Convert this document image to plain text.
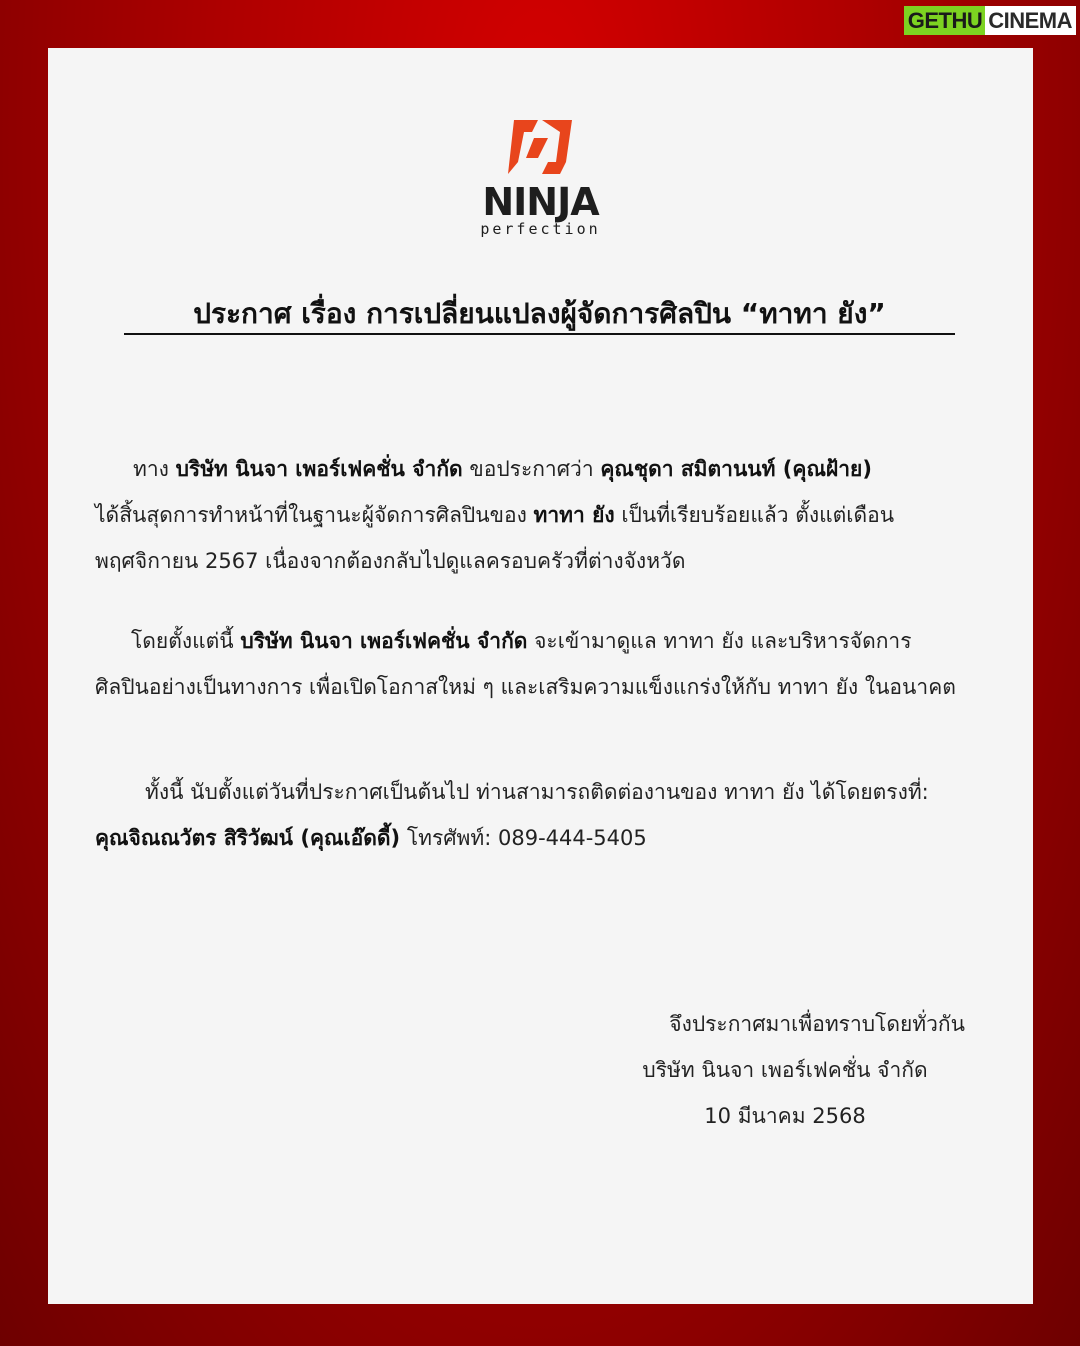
GETHU CINEMA
NINJA
perfection
ประกาศ เรื่อง การเปลี่ยนแปลงผู้จัดการศิลปิน “ทาทา ยัง”
ทาง บริษัท นินจา เพอร์เฟคชั่น จำกัด ขอประกาศว่า คุณชุดา สมิตานนท์ (คุณฝ้าย)
ได้สิ้นสุดการทำหน้าที่ในฐานะผู้จัดการศิลปินของ ทาทา ยัง เป็นที่เรียบร้อยแล้ว ตั้งแต่เดือน
พฤศจิกายน 2567 เนื่องจากต้องกลับไปดูแลครอบครัวที่ต่างจังหวัด
โดยตั้งแต่นี้ บริษัท นินจา เพอร์เฟคชั่น จำกัด จะเข้ามาดูแล ทาทา ยัง และบริหารจัดการ
ศิลปินอย่างเป็นทางการ เพื่อเปิดโอกาสใหม่ ๆ และเสริมความแข็งแกร่งให้กับ ทาทา ยัง ในอนาคต
ทั้งนี้ นับตั้งแต่วันที่ประกาศเป็นต้นไป ท่านสามารถติดต่องานของ ทาทา ยัง ได้โดยตรงที่:
คุณจิณณวัตร สิริวัฒน์ (คุณเอ๊ดดี้) โทรศัพท์: 089-444-5405
จึงประกาศมาเพื่อทราบโดยทั่วกัน
บริษัท นินจา เพอร์เฟคชั่น จำกัด
10 มีนาคม 2568
